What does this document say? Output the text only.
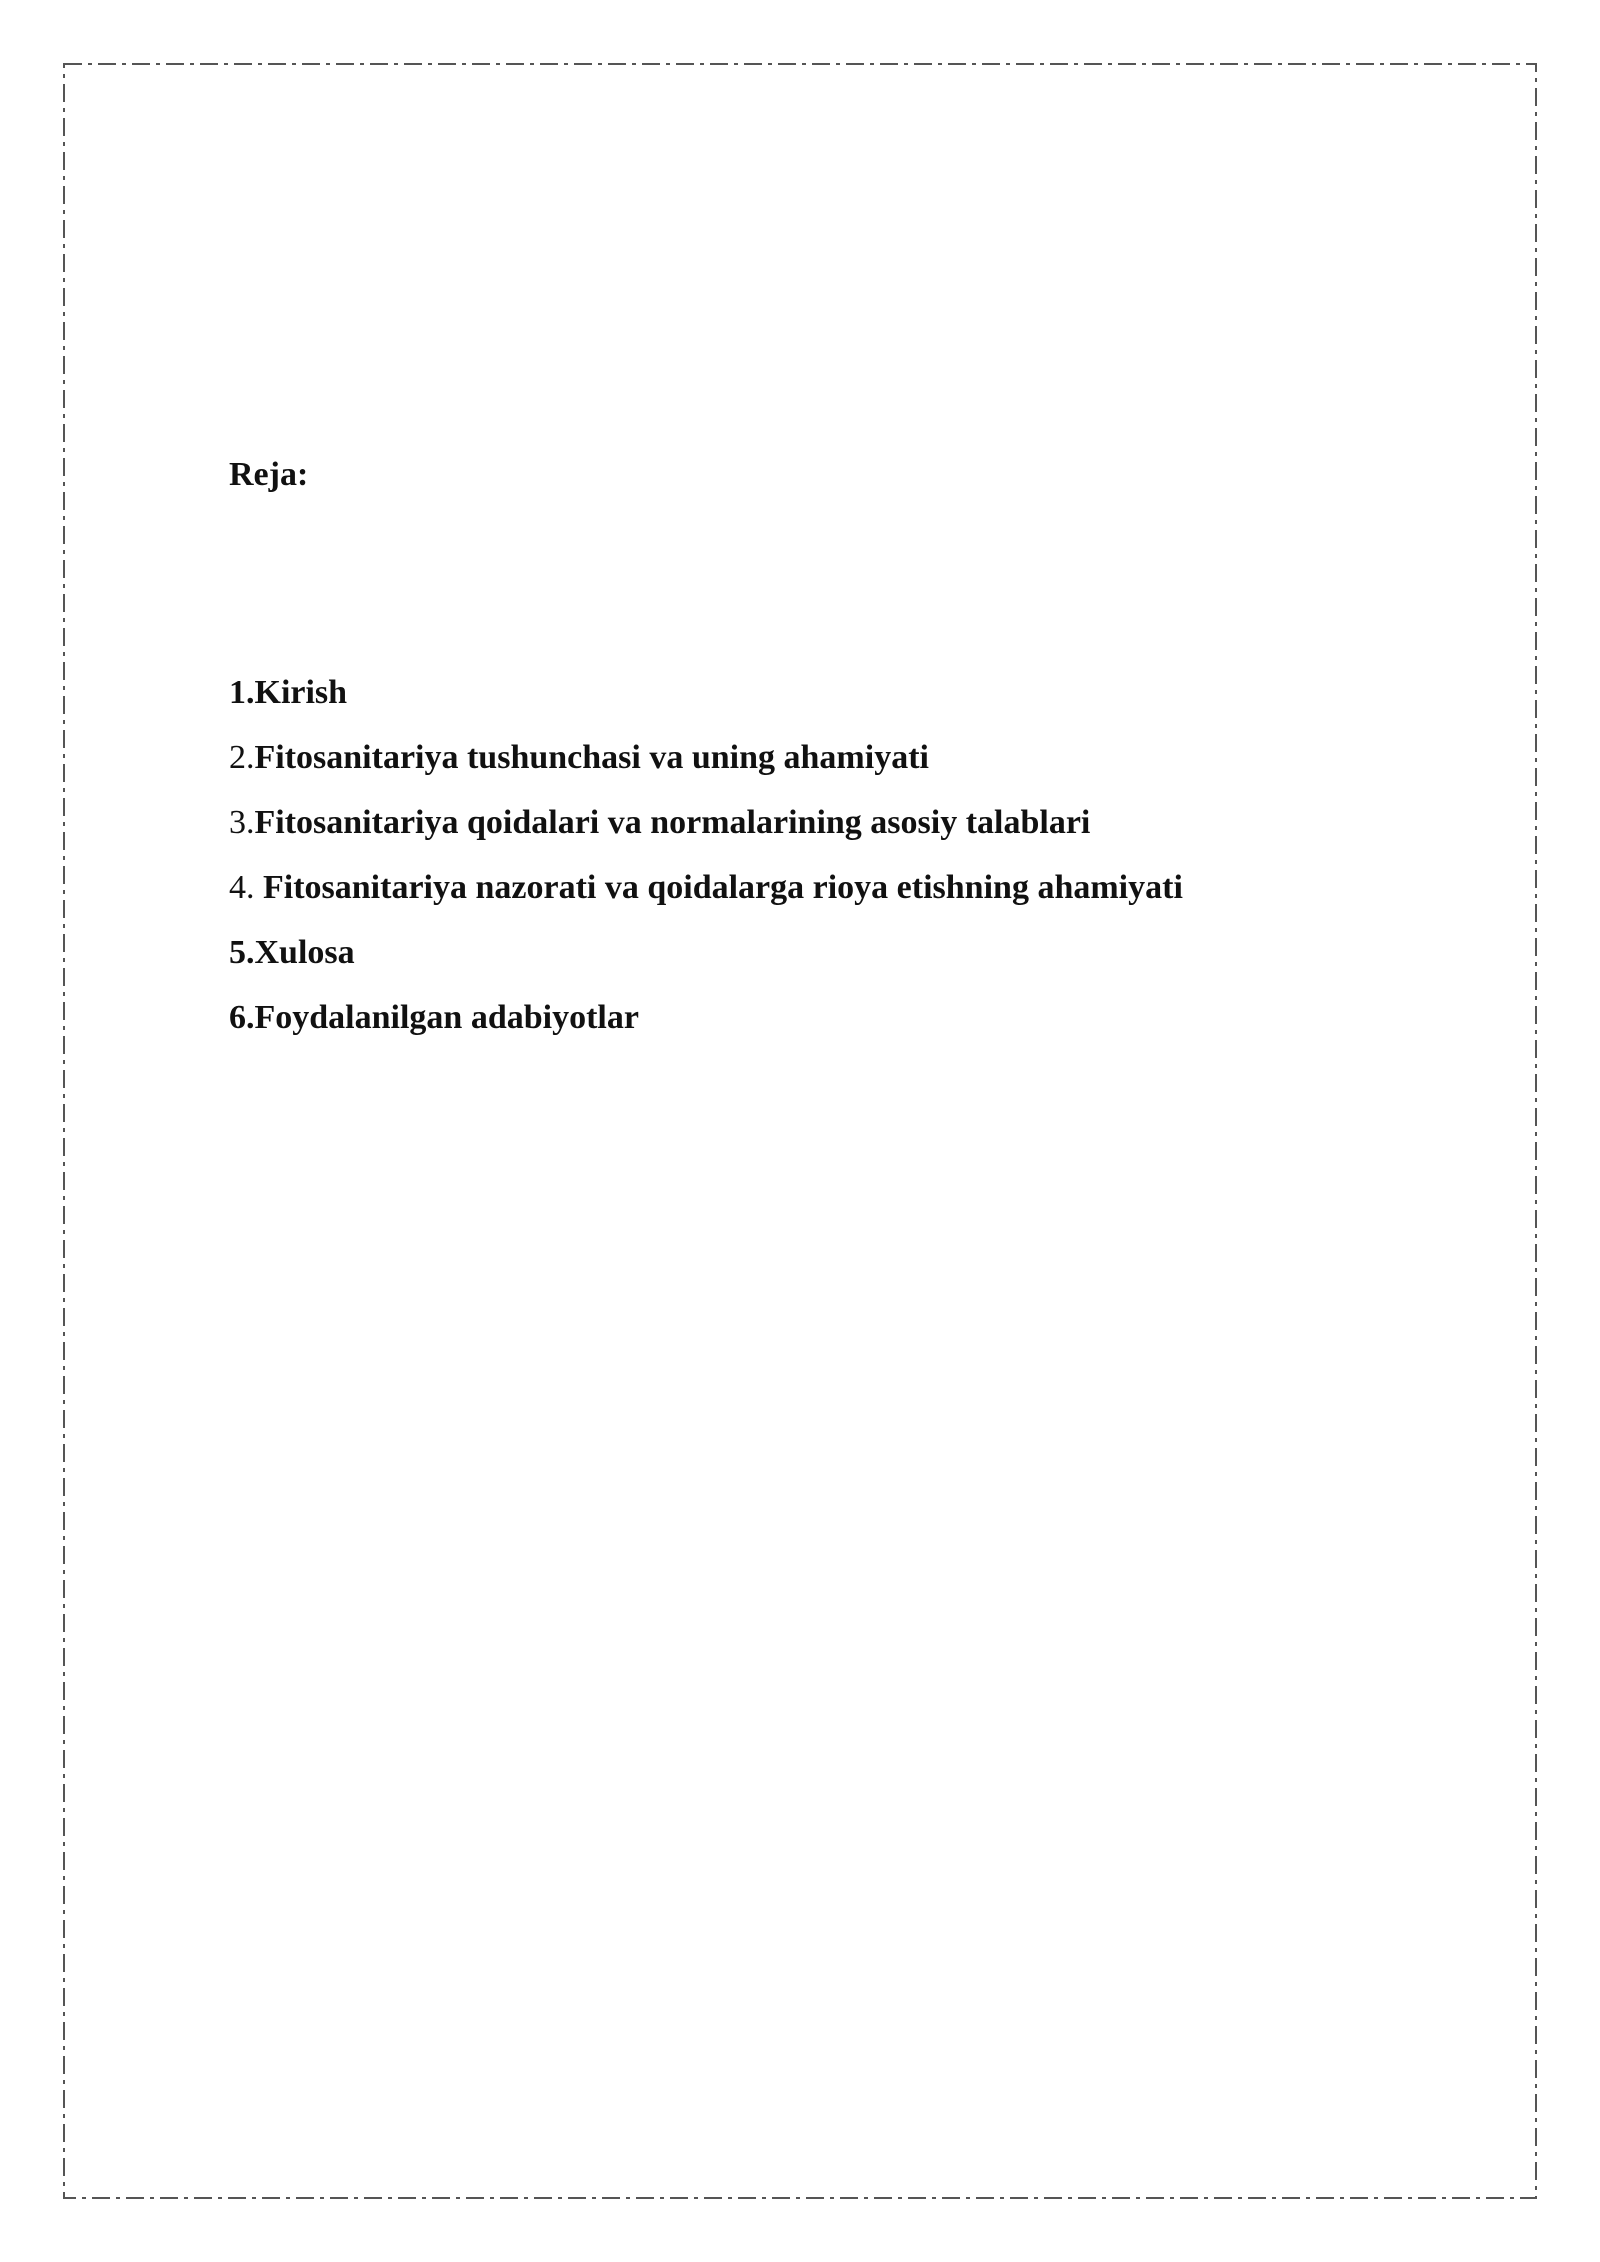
Reja:

1.Kirish
2.Fitosanitariya tushunchasi va uning ahamiyati
3.Fitosanitariya qoidalari va normalarining asosiy talablari
4. Fitosanitariya nazorati va qoidalarga rioya etishning ahamiyati
5.Xulosa
6.Foydalanilgan adabiyotlar
